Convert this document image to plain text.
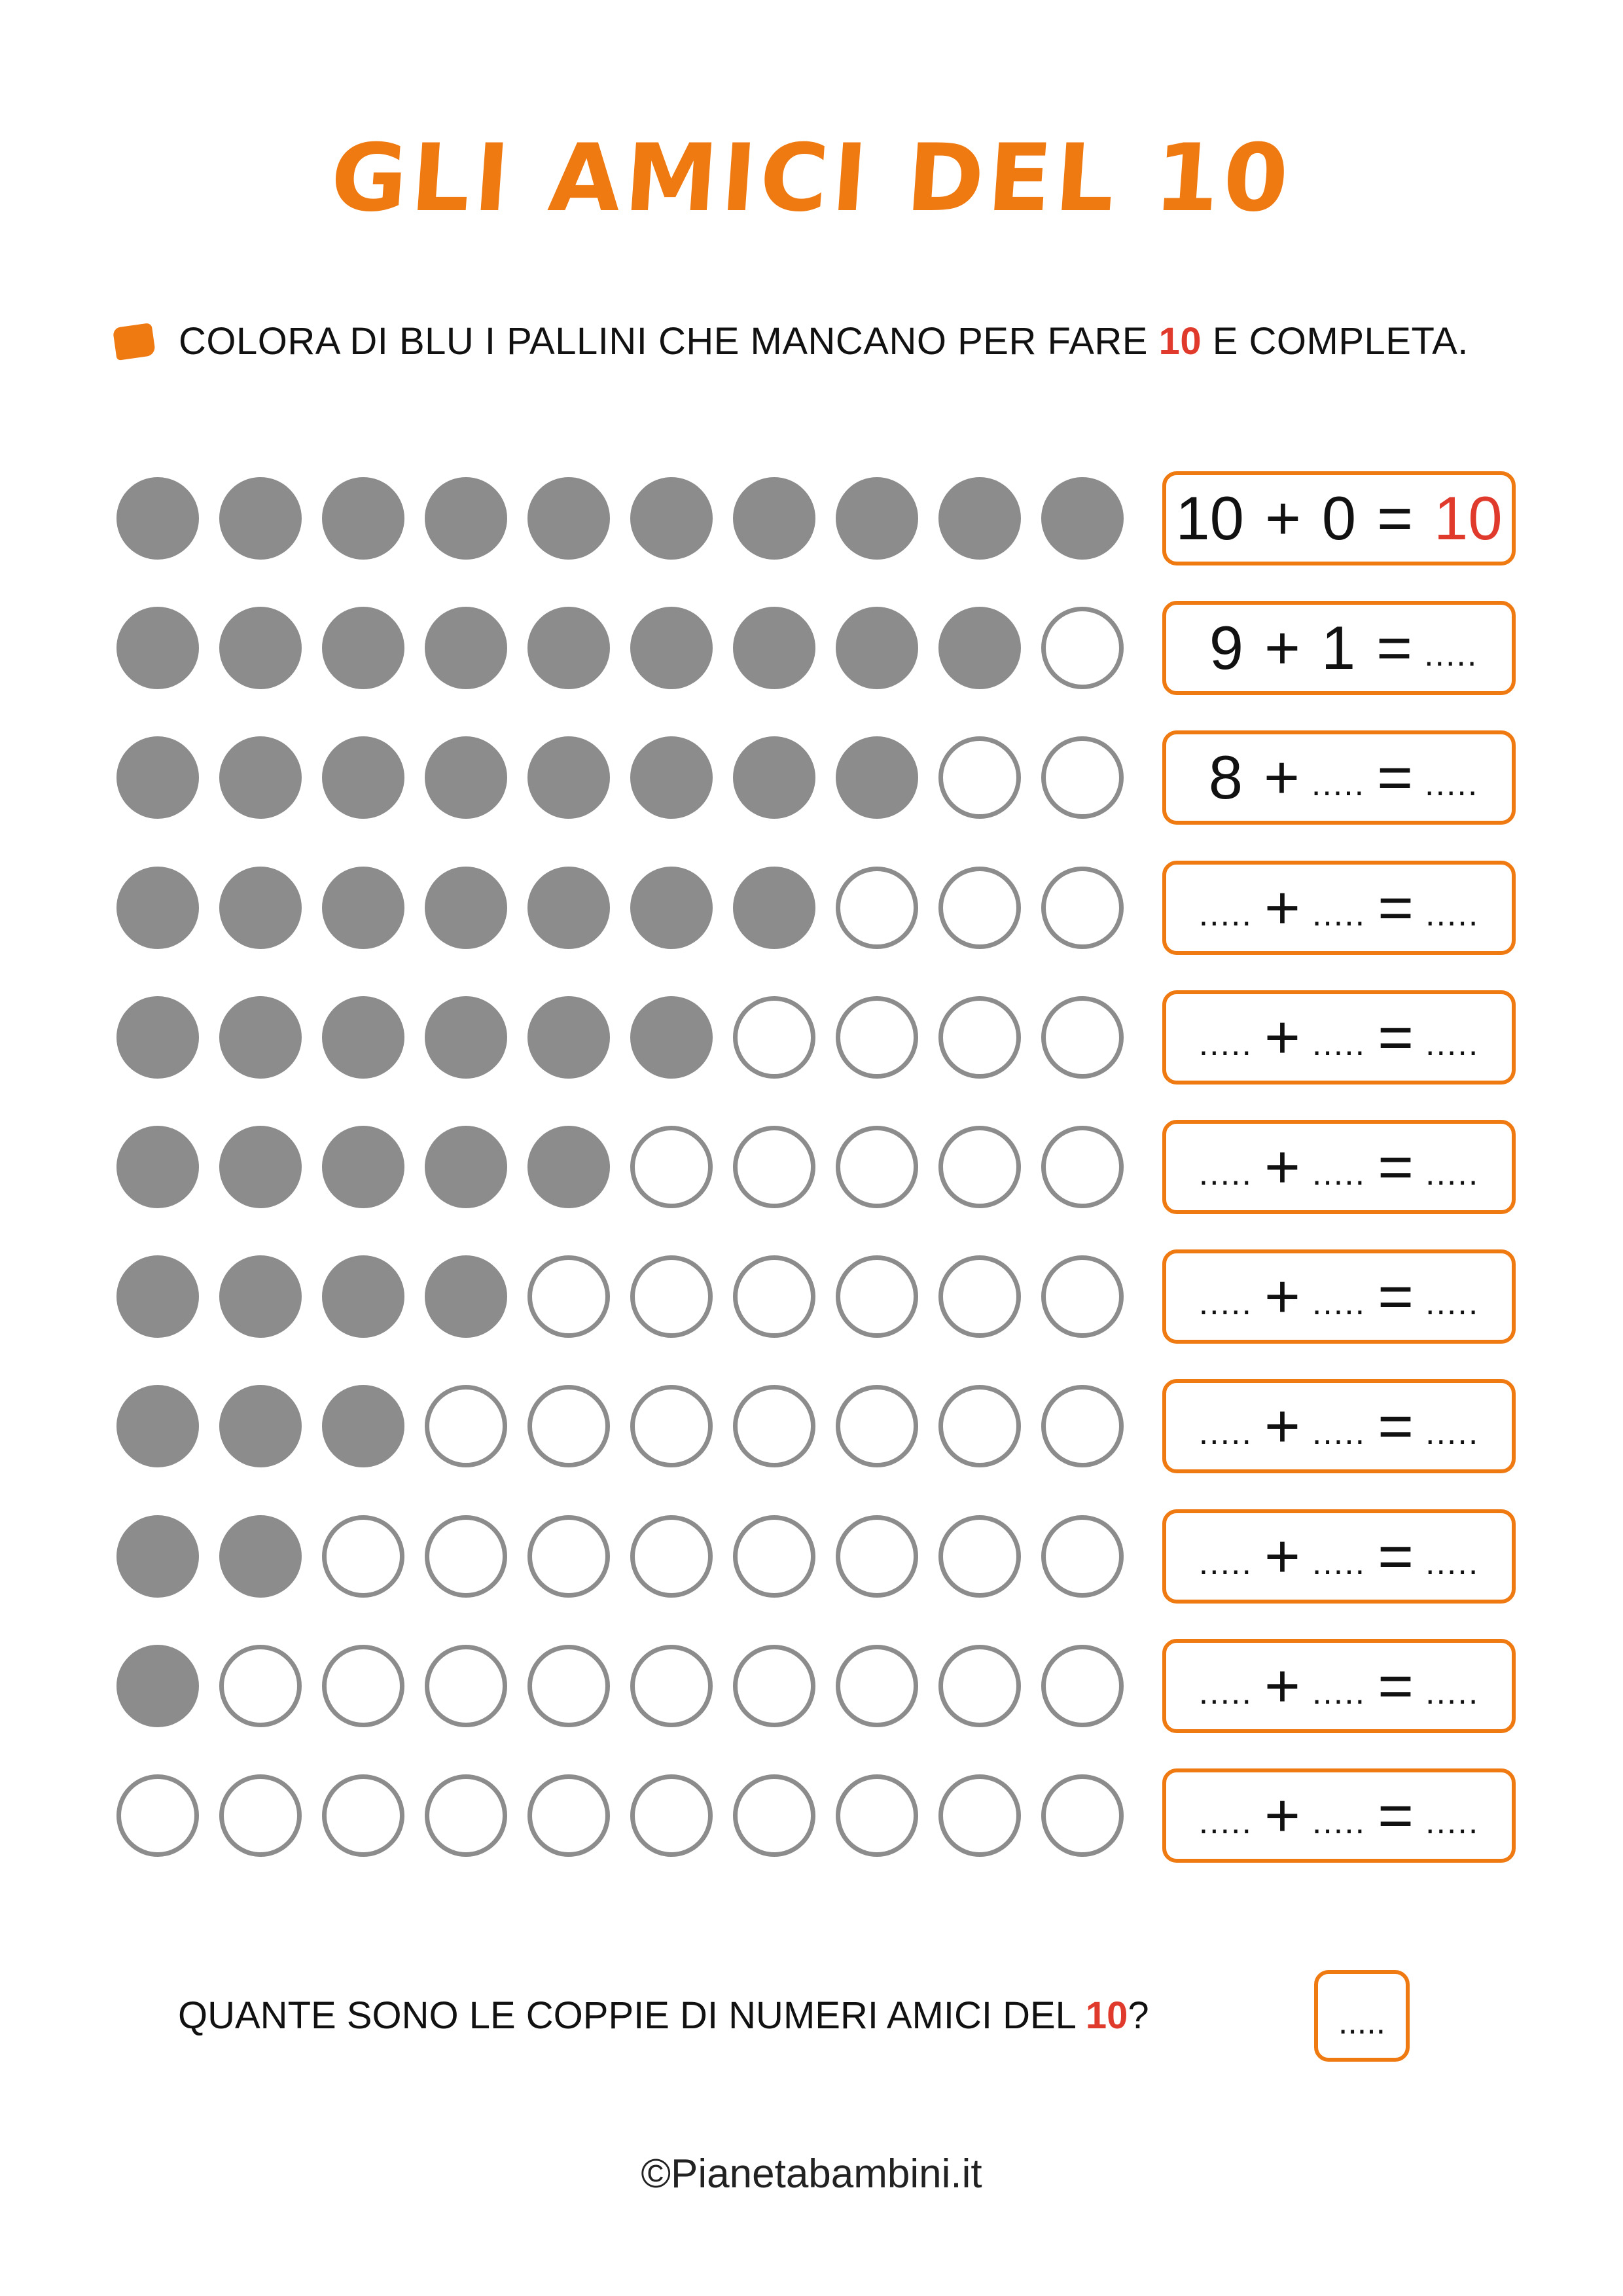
GLI AMICI DEL 10
COLORA DI BLU I PALLINI CHE MANCANO PER FARE 10 E COMPLETA.
10 + 0 = 10
9 + 1 = .....
8 + ..... = .....
..... + ..... = .....
..... + ..... = .....
..... + ..... = .....
..... + ..... = .....
..... + ..... = .....
..... + ..... = .....
..... + ..... = .....
..... + ..... = .....
QUANTE SONO LE COPPIE DI NUMERI AMICI DEL 10?	.....
©Pianetabambini.it
